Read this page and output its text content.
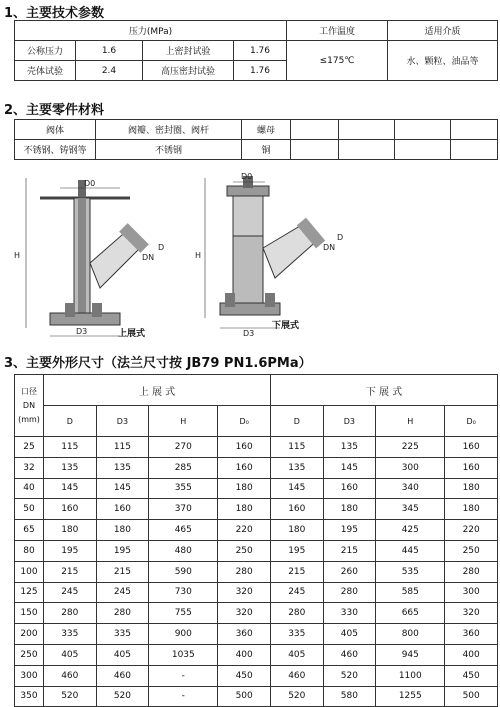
1、主要技术参数
压力(MPa)				工作温度	适用介质
公称压力	1.6	上密封试验	1.76	≤175℃	水、颗粒、油品等
壳体试验	2.4	高压密封试验	1.76		
2、主要零件材料
阀体	阀瓣、密封圈、阀杆	螺母				
不锈钢、铸钢等	不锈钢	铜				
H
D3
D0
D
DN
上展式
H
D0
D3
D
DN
下展式
3、主要外形尺寸（法兰尺寸按 JB79 PN1.6PMa）
口径
DN
(mm)	上 展 式				下 展 式			
	D	D3	H	D₀	D	D3	H	D₀
25	115	115	270	160	115	135	225	160
32	135	135	285	160	135	145	300	160
40	145	145	355	180	145	160	340	180
50	160	160	370	180	160	180	345	180
65	180	180	465	220	180	195	425	220
80	195	195	480	250	195	215	445	250
100	215	215	590	280	215	260	535	280
125	245	245	730	320	245	280	585	300
150	280	280	755	320	280	330	665	320
200	335	335	900	360	335	405	800	360
250	405	405	1035	400	405	460	945	400
300	460	460	-	450	460	520	1100	450
350	520	520	-	500	520	580	1255	500
